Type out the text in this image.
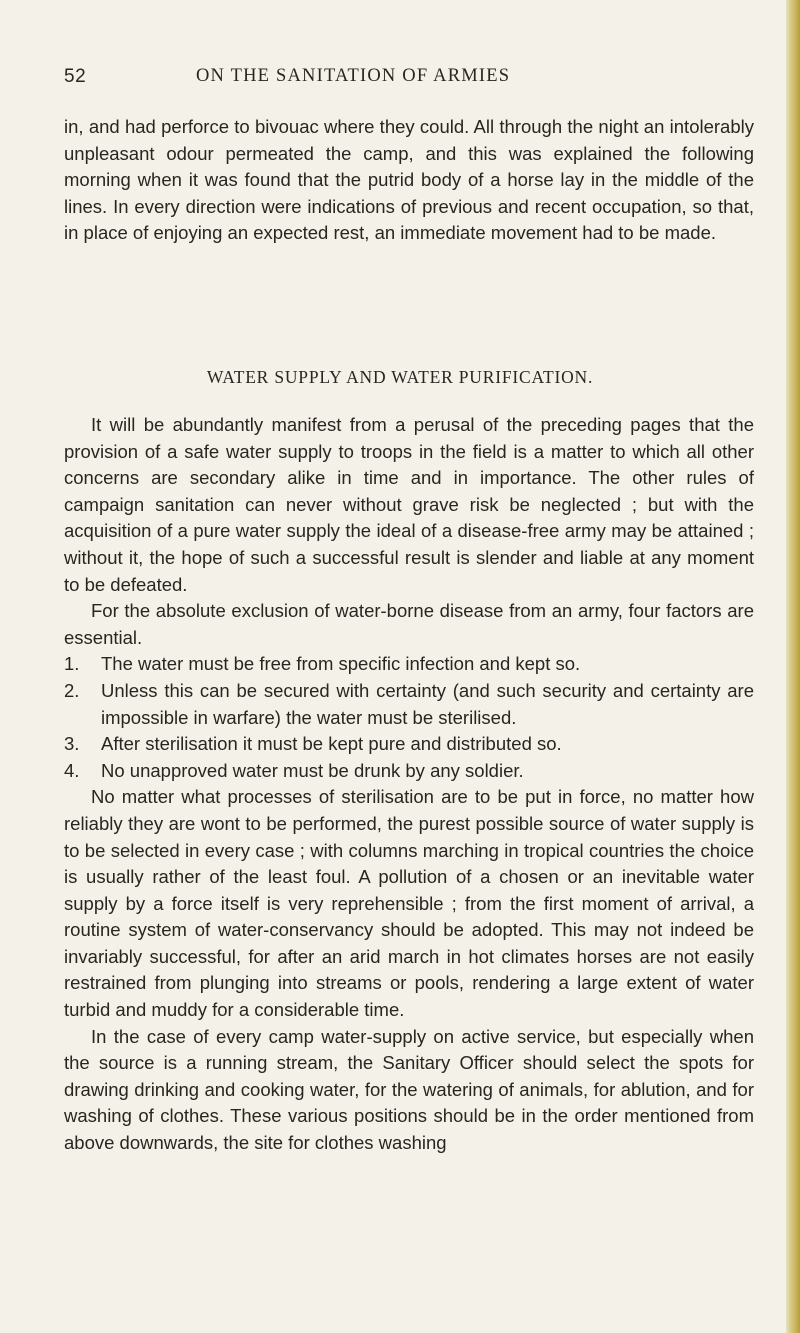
52	ON THE SANITATION OF ARMIES

in, and had perforce to bivouac where they could. All through the night an intolerably unpleasant odour permeated the camp, and this was explained the following morning when it was found that the putrid body of a horse lay in the middle of the lines. In every direction were indications of previous and recent occupation, so that, in place of enjoying an expected rest, an immediate movement had to be made.

WATER SUPPLY AND WATER PURIFICATION.

It will be abundantly manifest from a perusal of the preceding pages that the provision of a safe water supply to troops in the field is a matter to which all other concerns are secondary alike in time and in importance. The other rules of campaign sanitation can never without grave risk be neglected ; but with the acquisition of a pure water supply the ideal of a disease-free army may be attained ; without it, the hope of such a successful result is slender and liable at any moment to be defeated.

For the absolute exclusion of water-borne disease from an army, four factors are essential.

1. The water must be free from specific infection and kept so.
2. Unless this can be secured with certainty (and such security and certainty are impossible in warfare) the water must be sterilised.
3. After sterilisation it must be kept pure and distributed so.
4. No unapproved water must be drunk by any soldier.

No matter what processes of sterilisation are to be put in force, no matter how reliably they are wont to be performed, the purest possible source of water supply is to be selected in every case ; with columns marching in tropical countries the choice is usually rather of the least foul. A pollution of a chosen or an inevitable water supply by a force itself is very reprehensible ; from the first moment of arrival, a routine system of water-conservancy should be adopted. This may not indeed be invariably successful, for after an arid march in hot climates horses are not easily restrained from plunging into streams or pools, rendering a large extent of water turbid and muddy for a considerable time.

In the case of every camp water-supply on active service, but especially when the source is a running stream, the Sanitary Officer should select the spots for drawing drinking and cooking water, for the watering of animals, for ablution, and for washing of clothes. These various positions should be in the order mentioned from above downwards, the site for clothes washing
